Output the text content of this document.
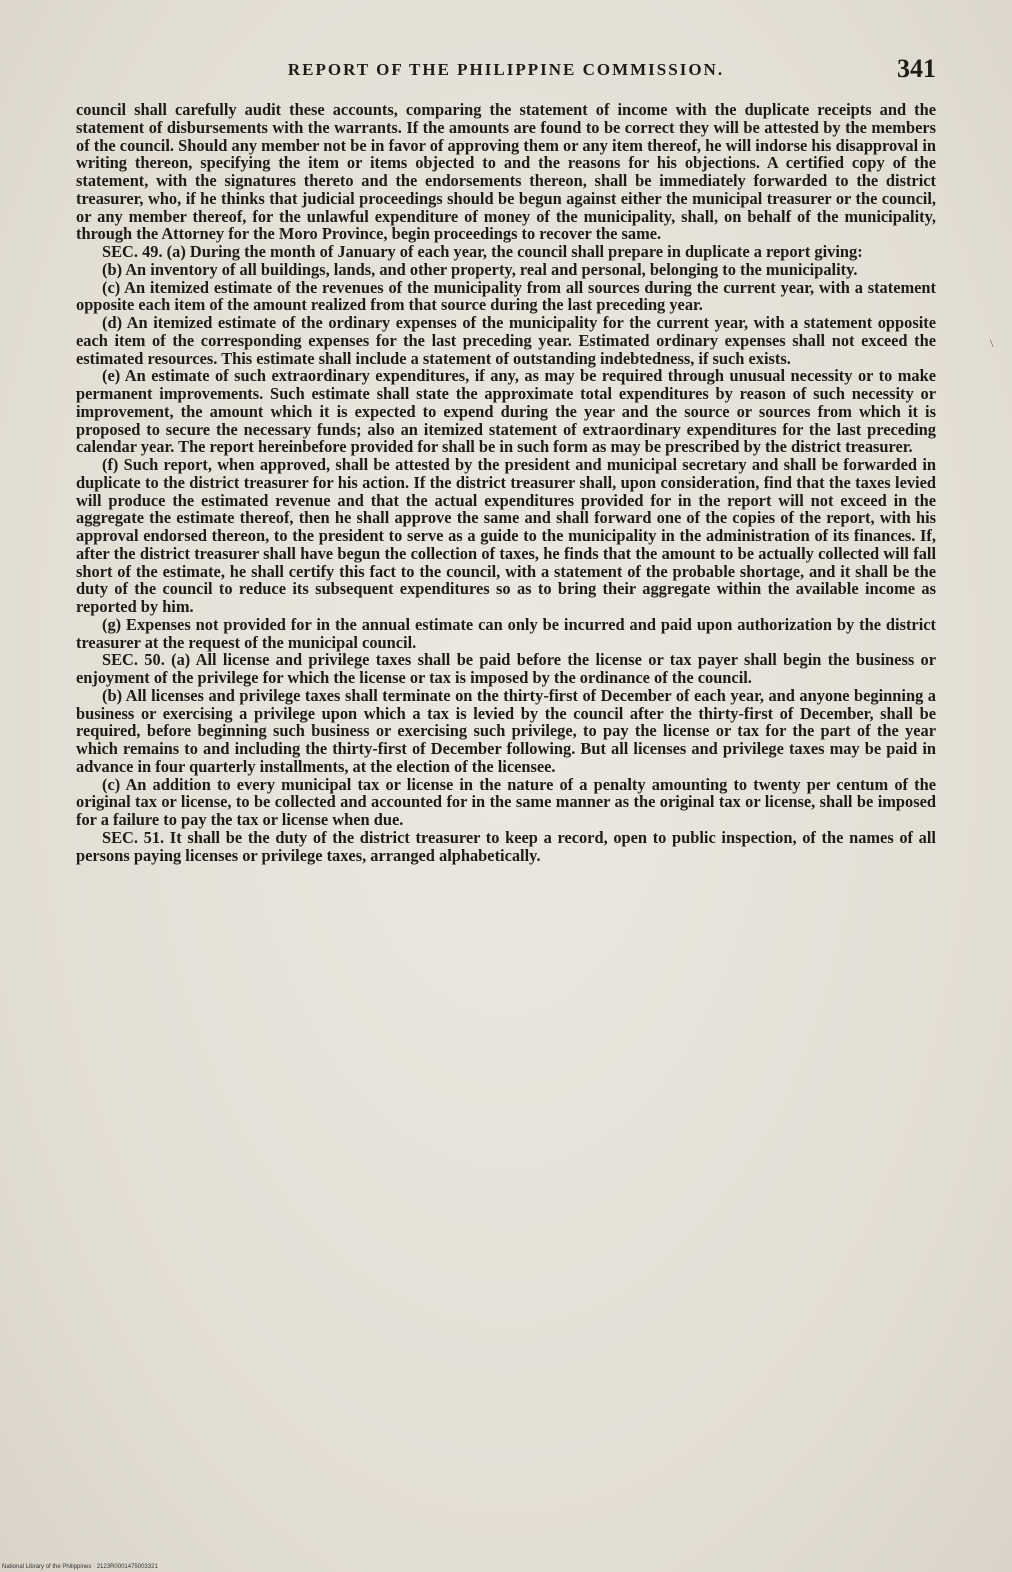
REPORT OF THE PHILIPPINE COMMISSION.	341

council shall carefully audit these accounts, comparing the statement of income with the duplicate receipts and the statement of disbursements with the warrants. If the amounts are found to be correct they will be attested by the members of the council. Should any member not be in favor of approving them or any item thereof, he will indorse his disapproval in writing thereon, specifying the item or items objected to and the reasons for his objections. A certified copy of the statement, with the signatures thereto and the endorsements thereon, shall be immediately forwarded to the district treasurer, who, if he thinks that judicial proceedings should be begun against either the municipal treasurer or the council, or any member thereof, for the unlawful expenditure of money of the municipality, shall, on behalf of the municipality, through the Attorney for the Moro Province, begin proceedings to recover the same.

SEC. 49. (a) During the month of January of each year, the council shall prepare in duplicate a report giving:

(b) An inventory of all buildings, lands, and other property, real and personal, belonging to the municipality.

(c) An itemized estimate of the revenues of the municipality from all sources during the current year, with a statement opposite each item of the amount realized from that source during the last preceding year.

(d) An itemized estimate of the ordinary expenses of the municipality for the current year, with a statement opposite each item of the corresponding expenses for the last preceding year. Estimated ordinary expenses shall not exceed the estimated resources. This estimate shall include a statement of outstanding indebtedness, if such exists.

(e) An estimate of such extraordinary expenditures, if any, as may be required through unusual necessity or to make permanent improvements. Such estimate shall state the approximate total expenditures by reason of such necessity or improvement, the amount which it is expected to expend during the year and the source or sources from which it is proposed to secure the necessary funds; also an itemized statement of extraordinary expenditures for the last preceding calendar year. The report hereinbefore provided for shall be in such form as may be prescribed by the district treasurer.

(f) Such report, when approved, shall be attested by the president and municipal secretary and shall be forwarded in duplicate to the district treasurer for his action. If the district treasurer shall, upon consideration, find that the taxes levied will produce the estimated revenue and that the actual expenditures provided for in the report will not exceed in the aggregate the estimate thereof, then he shall approve the same and shall forward one of the copies of the report, with his approval endorsed thereon, to the president to serve as a guide to the municipality in the administration of its finances. If, after the district treasurer shall have begun the collection of taxes, he finds that the amount to be actually collected will fall short of the estimate, he shall certify this fact to the council, with a statement of the probable shortage, and it shall be the duty of the council to reduce its subsequent expenditures so as to bring their aggregate within the available income as reported by him.

(g) Expenses not provided for in the annual estimate can only be incurred and paid upon authorization by the district treasurer at the request of the municipal council.

SEC. 50. (a) All license and privilege taxes shall be paid before the license or tax payer shall begin the business or enjoyment of the privilege for which the license or tax is imposed by the ordinance of the council.

(b) All licenses and privilege taxes shall terminate on the thirty-first of December of each year, and anyone beginning a business or exercising a privilege upon which a tax is levied by the council after the thirty-first of December, shall be required, before beginning such business or exercising such privilege, to pay the license or tax for the part of the year which remains to and including the thirty-first of December following. But all licenses and privilege taxes may be paid in advance in four quarterly installments, at the election of the licensee.

(c) An addition to every municipal tax or license in the nature of a penalty amounting to twenty per centum of the original tax or license, to be collected and accounted for in the same manner as the original tax or license, shall be imposed for a failure to pay the tax or license when due.

SEC. 51. It shall be the duty of the district treasurer to keep a record, open to public inspection, of the names of all persons paying licenses or privilege taxes, arranged alphabetically.

\
National Library of the Philippines · 2123R0001475003321
